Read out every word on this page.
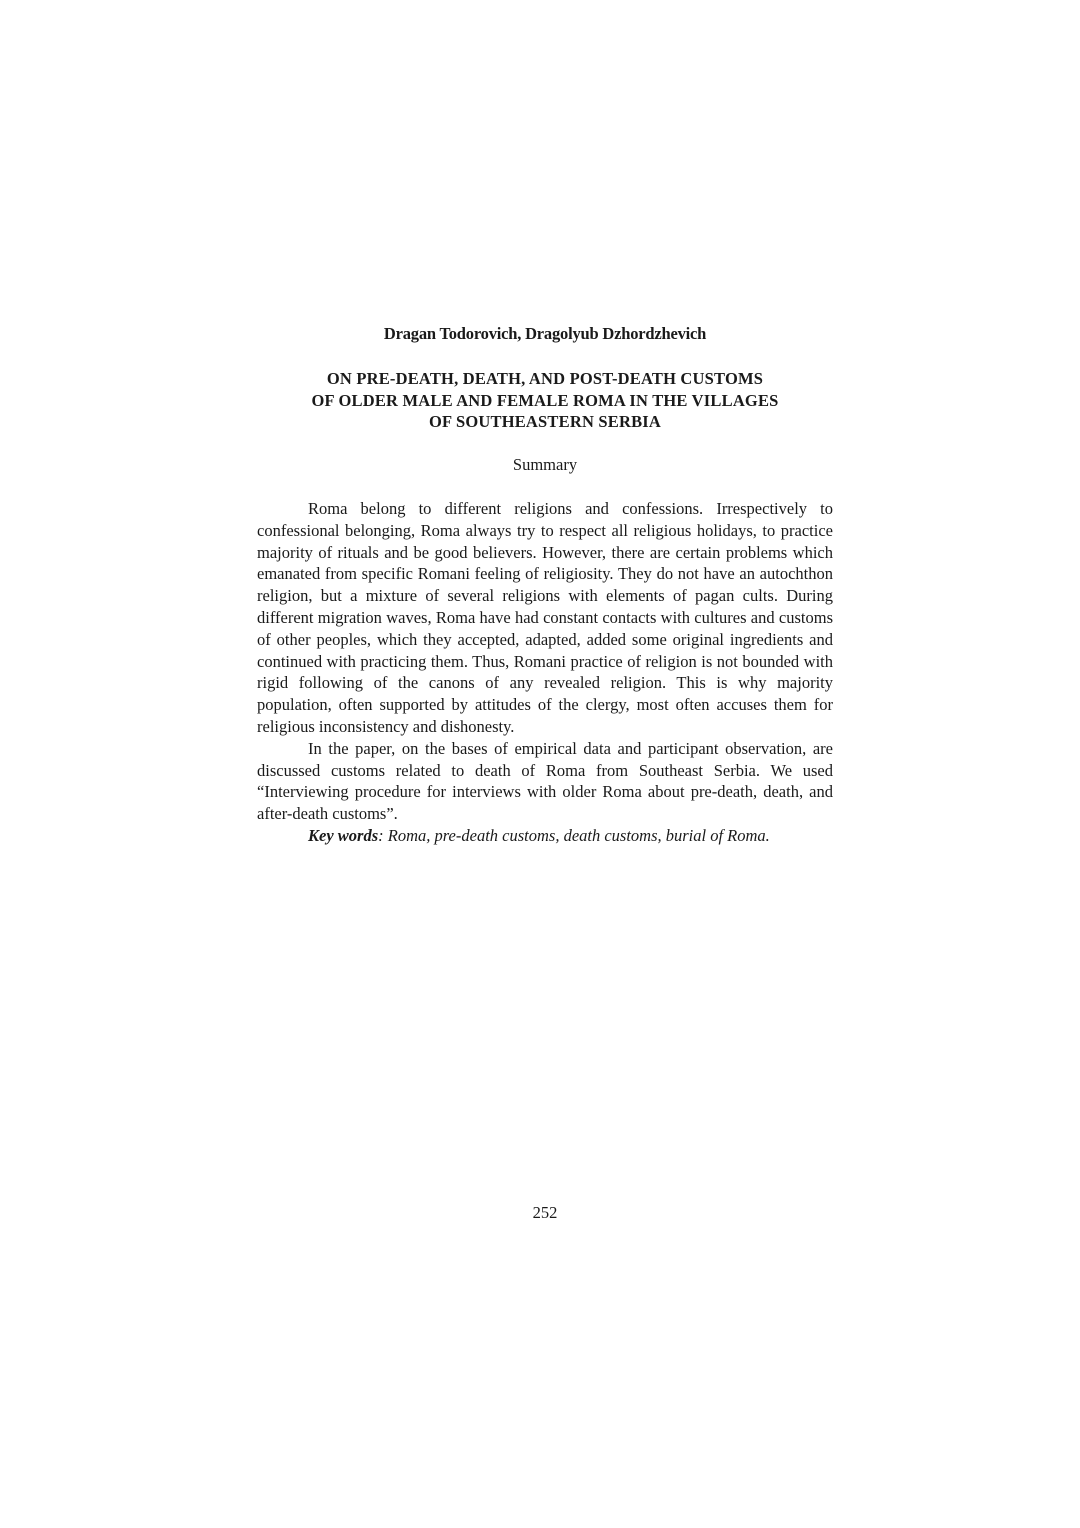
Dragan Todorovich, Dragolyub Dzhordzhevich
ON PRE-DEATH, DEATH, AND POST-DEATH CUSTOMS
OF OLDER MALE AND FEMALE ROMA IN THE VILLAGES
OF SOUTHEASTERN SERBIA
Summary

Roma belong to different religions and confessions. Irrespectively to confessional belonging, Roma always try to respect all religious holidays, to practice majority of rituals and be good believers. However, there are certain problems which emanated from specific Romani feeling of religiosity. They do not have an autochthon religion, but a mixture of several religions with elements of pagan cults. During different migration waves, Roma have had constant contacts with cultures and customs of other peoples, which they accepted, adapted, added some original ingredients and continued with practicing them. Thus, Romani practice of religion is not bounded with rigid following of the canons of any revealed religion. This is why majority population, often supported by attitudes of the clergy, most often accuses them for religious inconsistency and dishonesty.

In the paper, on the bases of empirical data and participant observation, are discussed customs related to death of Roma from Southeast Serbia. We used “Interviewing procedure for interviews with older Roma about pre-death, death, and after-death customs”.

Key words: Roma, pre-death customs, death customs, burial of Roma.

252
